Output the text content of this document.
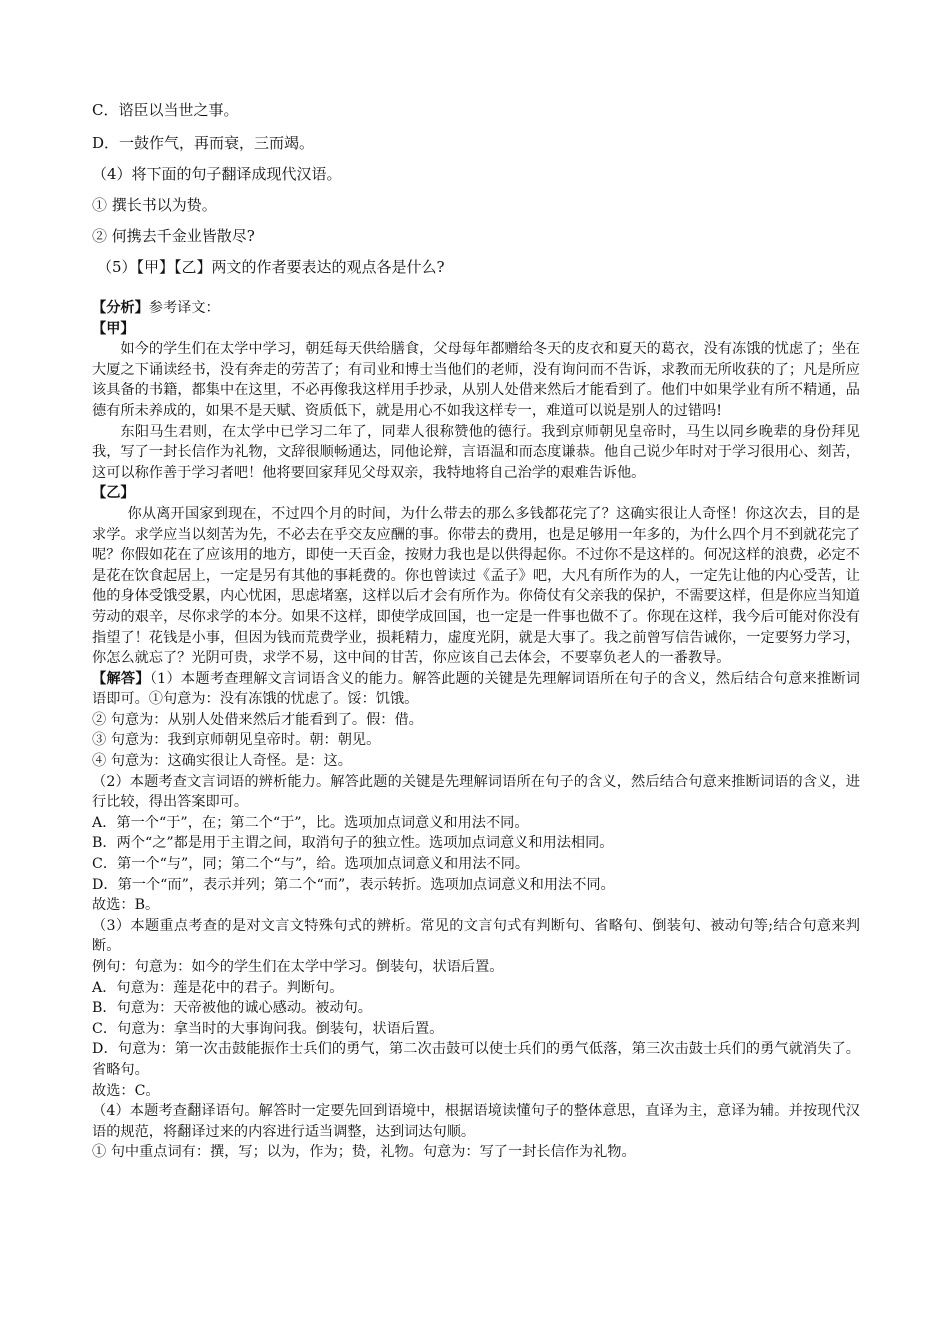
C．谘臣以当世之事。
D．一鼓作气，再而衰，三而竭。
（4）将下面的句子翻译成现代汉语。
① 撰长书以为贽。
② 何携去千金业皆散尽?
（5）【甲】【乙】两文的作者要表达的观点各是什么?

【分析】参考译文：

【甲】

如今的学生们在太学中学习，朝廷每天供给膳食，父母每年都赠给冬天的皮衣和夏天的葛衣，没有冻饿的忧虑了；坐在大厦之下诵读经书，没有奔走的劳苦了；有司业和博士当他们的老师，没有询问而不告诉，求教而无所收获的了；凡是所应该具备的书籍，都集中在这里，不必再像我这样用手抄录，从别人处借来然后才能看到了。他们中如果学业有所不精通，品德有所未养成的，如果不是天赋、资质低下，就是用心不如我这样专一，难道可以说是别人的过错吗!

东阳马生君则，在太学中已学习二年了，同辈人很称赞他的德行。我到京师朝见皇帝时，马生以同乡晚辈的身份拜见我，写了一封长信作为礼物，文辞很顺畅通达，同他论辩，言语温和而态度谦恭。他自己说少年时对于学习很用心、刻苦，这可以称作善于学习者吧！他将要回家拜见父母双亲，我特地将自己治学的艰难告诉他。

【乙】

你从离开国家到现在，不过四个月的时间，为什么带去的那么多钱都花完了？这确实很让人奇怪！你这次去，目的是求学。求学应当以刻苦为先，不必去在乎交友应酬的事。你带去的费用，也是足够用一年多的，为什么四个月不到就花完了呢？你假如花在了应该用的地方，即使一天百金，按财力我也是以供得起你。不过你不是这样的。何况这样的浪费，必定不是花在饮食起居上，一定是另有其他的事耗费的。你也曾读过《孟子》吧，大凡有所作为的人，一定先让他的内心受苦，让他的身体受饿受累，内心忧困，思虑堵塞，这样以后才会有所作为。你倚仗有父亲我的保护，不需要这样，但是你应当知道劳动的艰辛，尽你求学的本分。如果不这样，即使学成回国，也一定是一件事也做不了。你现在这样，我今后可能对你没有指望了！花钱是小事，但因为钱而荒费学业，损耗精力，虚度光阴，就是大事了。我之前曾写信告诫你，一定要努力学习，你怎么就忘了？光阴可贵，求学不易，这中间的甘苦，你应该自己去体会，不要辜负老人的一番教导。

【解答】（1）本题考查理解文言词语含义的能力。解答此题的关键是先理解词语所在句子的含义，然后结合句意来推断词语即可。①句意为：没有冻饿的忧虑了。馁：饥饿。

② 句意为：从别人处借来然后才能看到了。假：借。

③ 句意为：我到京师朝见皇帝时。朝：朝见。

④ 句意为：这确实很让人奇怪。是：这。

（2）本题考查文言词语的辨析能力。解答此题的关键是先理解词语所在句子的含义，然后结合句意来推断词语的含义，进行比较，得出答案即可。

A．第一个“于”，在；第二个“于”，比。选项加点词意义和用法不同。

B．两个“之”都是用于主谓之间，取消句子的独立性。选项加点词意义和用法相同。

C．第一个“与”，同；第二个“与”，给。选项加点词意义和用法不同。

D．第一个“而”，表示并列；第二个“而”，表示转折。选项加点词意义和用法不同。

故选：B。

（3）本题重点考查的是对文言文特殊句式的辨析。常见的文言句式有判断句、省略句、倒装句、被动句等;结合句意来判断。

例句：句意为：如今的学生们在太学中学习。倒装句，状语后置。

A．句意为：莲是花中的君子。判断句。

B．句意为：天帝被他的诚心感动。被动句。

C．句意为：拿当时的大事询问我。倒装句，状语后置。

D．句意为：第一次击鼓能振作士兵们的勇气，第二次击鼓可以使士兵们的勇气低落，第三次击鼓士兵们的勇气就消失了。省略句。

故选：C。

（4）本题考查翻译语句。解答时一定要先回到语境中，根据语境读懂句子的整体意思，直译为主，意译为辅。并按现代汉语的规范，将翻译过来的内容进行适当调整，达到词达句顺。

① 句中重点词有：撰，写；以为，作为；贽，礼物。句意为：写了一封长信作为礼物。
